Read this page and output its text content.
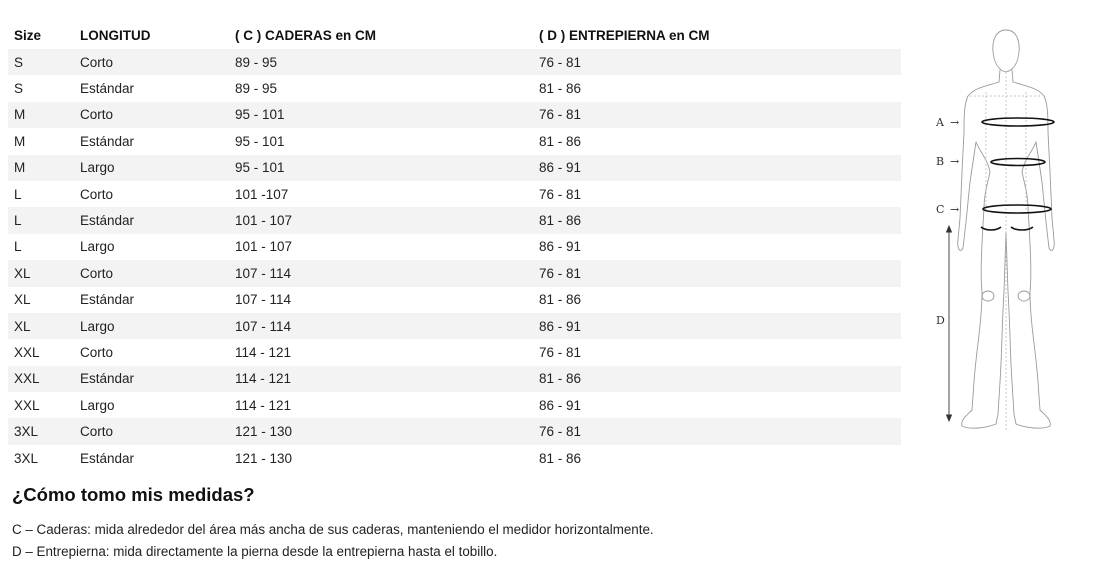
Size	LONGITUD	( C ) CADERAS en CM	( D ) ENTREPIERNA en CM
S	Corto	89 - 95	76 - 81
S	Estándar	89 - 95	81 - 86
M	Corto	95 - 101	76 - 81
M	Estándar	95 - 101	81 - 86
M	Largo	95 - 101	86 - 91
L	Corto	101 -107	76 - 81
L	Estándar	101 - 107	81 - 86
L	Largo	101 - 107	86 - 91
XL	Corto	107 - 114	76 - 81
XL	Estándar	107 - 114	81 - 86
XL	Largo	107 - 114	86 - 91
XXL	Corto	114 - 121	76 - 81
XXL	Estándar	114 - 121	81 - 86
XXL	Largo	114 - 121	86 - 91
3XL	Corto	121 - 130	76 - 81
3XL	Estándar	121 - 130	81 - 86
¿Cómo tomo mis medidas?

C – Caderas: mida alrededor del área más ancha de sus caderas, manteniendo el medidor horizontalmente.

D – Entrepierna: mida directamente la pierna desde la entrepierna hasta el tobillo.

A →
B →
C →
D
